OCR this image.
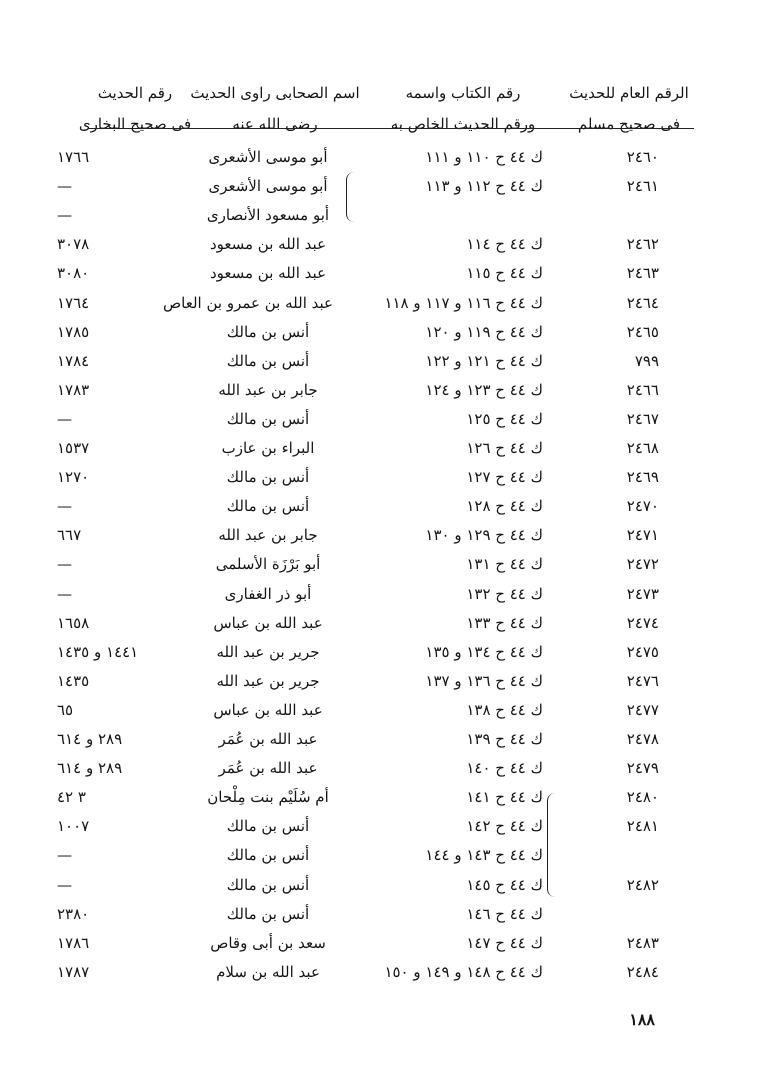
الرقم العام للحديث
فى صحيح مسلم
رقم الكتاب واسمه
ورقم الحديث الخاص به
اسم الصحابى راوى الحديث
رضى الله عنه
رقم الحديث
فى صحيح البخارى
٢٤٦٠
ك ٤٤ ح ١١٠ و ١١١
أبو موسى الأشعرى
١٧٦٦
٢٤٦١
ك ٤٤ ح ١١٢ و ١١٣
أبو موسى الأشعرى
—
أبو مسعود الأنصارى
—
٢٤٦٢
ك ٤٤ ح ١١٤
عبد الله بن مسعود
٣٠٧٨
٢٤٦٣
ك ٤٤ ح ١١٥
عبد الله بن مسعود
٣٠٨٠
٢٤٦٤
ك ٤٤ ح ١١٦ و ١١٧ و ١١٨
عبد الله بن عمرو بن العاص
١٧٦٤
٢٤٦٥
ك ٤٤ ح ١١٩ و ١٢٠
أنس بن مالك
١٧٨٥
٧٩٩
ك ٤٤ ح ١٢١ و ١٢٢
أنس بن مالك
١٧٨٤
٢٤٦٦
ك ٤٤ ح ١٢٣ و ١٢٤
جابر بن عبد الله
١٧٨٣
٢٤٦٧
ك ٤٤ ح ١٢٥
أنس بن مالك
—
٢٤٦٨
ك ٤٤ ح ١٢٦
البراء بن عازب
١٥٣٧
٢٤٦٩
ك ٤٤ ح ١٢٧
أنس بن مالك
١٢٧٠
٢٤٧٠
ك ٤٤ ح ١٢٨
أنس بن مالك
—
٢٤٧١
ك ٤٤ ح ١٢٩ و ١٣٠
جابر بن عبد الله
٦٦٧
٢٤٧٢
ك ٤٤ ح ١٣١
أبو بَرْزَة الأسلمى
—
٢٤٧٣
ك ٤٤ ح ١٣٢
أبو ذر الغفارى
—
٢٤٧٤
ك ٤٤ ح ١٣٣
عبد الله بن عباس
١٦٥٨
٢٤٧٥
ك ٤٤ ح ١٣٤ و ١٣٥
جرير بن عبد الله
١٤٤١ و ١٤٣٥
٢٤٧٦
ك ٤٤ ح ١٣٦ و ١٣٧
جرير بن عبد الله
١٤٣٥
٢٤٧٧
ك ٤٤ ح ١٣٨
عبد الله بن عباس
٦٥
٢٤٧٨
ك ٤٤ ح ١٣٩
عبد الله بن عُمَر
٢٨٩ و ٦١٤
٢٤٧٩
ك ٤٤ ح ١٤٠
عبد الله بن عُمَر
٢٨٩ و ٦١٤
٢٤٨٠
ك ٤٤ ح ١٤١
أم سُلَيْم بنت مِلْحان
٣ ٤٢
٢٤٨١
ك ٤٤ ح ١٤٢
أنس بن مالك
١٠٠٧
ك ٤٤ ح ١٤٣ و ١٤٤
أنس بن مالك
—
٢٤٨٢
ك ٤٤ ح ١٤٥
أنس بن مالك
—
ك ٤٤ ح ١٤٦
أنس بن مالك
٢٣٨٠
٢٤٨٣
ك ٤٤ ح ١٤٧
سعد بن أبى وقاص
١٧٨٦
٢٤٨٤
ك ٤٤ ح ١٤٨ و ١٤٩ و ١٥٠
عبد الله بن سلام
١٧٨٧
١٨٨
